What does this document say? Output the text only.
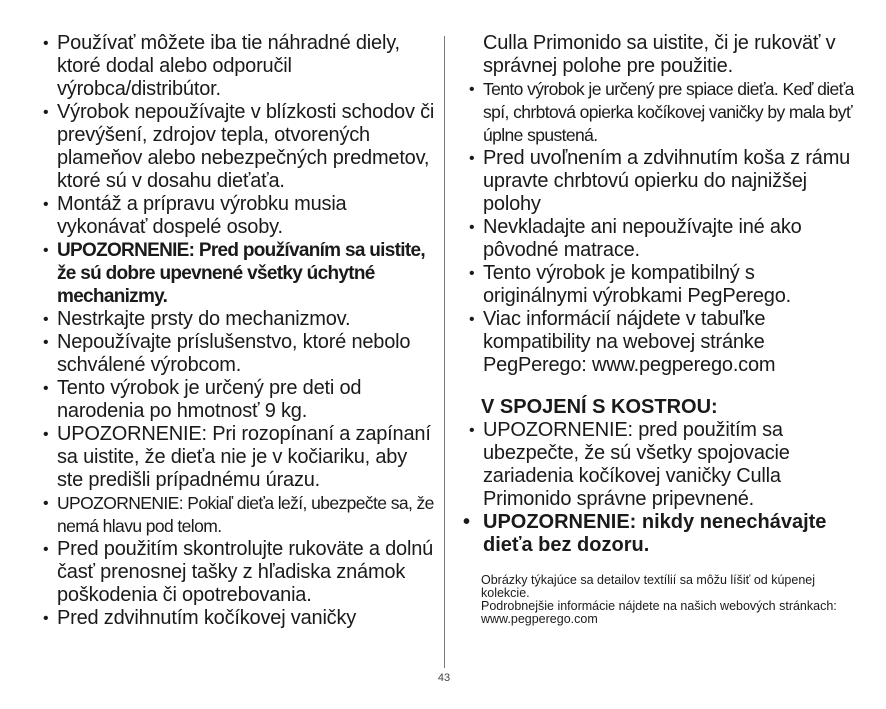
• Používať môžete iba tie náhradné diely, ktoré dodal alebo odporučil výrobca/distribútor.
• Výrobok nepoužívajte v blízkosti schodov či prevýšení, zdrojov tepla, otvorených plameňov alebo nebezpečných predmetov, ktoré sú v dosahu dieťaťa.
• Montáž a prípravu výrobku musia vykonávať dospelé osoby.
• UPOZORNENIE: Pred používaním sa uistite, že sú dobre upevnené všetky úchytné mechanizmy.
• Nestrkajte prsty do mechanizmov.
• Nepoužívajte príslušenstvo, ktoré nebolo schválené výrobcom.
• Tento výrobok je určený pre deti od narodenia po hmotnosť 9 kg.
• UPOZORNENIE: Pri rozopínaní a zapínaní sa uistite, že dieťa nie je v kočiariku, aby ste predišli prípadnému úrazu.
• UPOZORNENIE: Pokiaľ dieťa leží, ubezpečte sa, že nemá hlavu pod telom.
• Pred použitím skontrolujte rukoväte a dolnú časť prenosnej tašky z hľadiska známok poškodenia či opotrebovania.
• Pred zdvihnutím kočíkovej vaničky
Culla Primonido sa uistite, či je rukoväť v správnej polohe pre použitie.
• Tento výrobok je určený pre spiace dieťa. Keď dieťa spí, chrbtová opierka kočíkovej vaničky by mala byť úplne spustená.
• Pred uvoľnením a zdvihnutím koša z rámu upravte chrbtovú opierku do najnižšej polohy
• Nevkladajte ani nepoužívajte iné ako pôvodné matrace.
• Tento výrobok je kompatibilný s originálnymi výrobkami PegPerego.
• Viac informácií nájdete v tabuľke kompatibility na webovej stránke PegPerego: www.pegperego.com
V SPOJENÍ S KOSTROU:
• UPOZORNENIE: pred použitím sa ubezpečte, že sú všetky spojovacie zariadenia kočíkovej vaničky Culla Primonido správne pripevnené.
• UPOZORNENIE: nikdy nenechávajte dieťa bez dozoru.

Obrázky týkajúce sa detailov textílií sa môžu líšiť od kúpenej kolekcie.

Podrobnejšie informácie nájdete na našich webových stránkach: www.pegperego.com

43
